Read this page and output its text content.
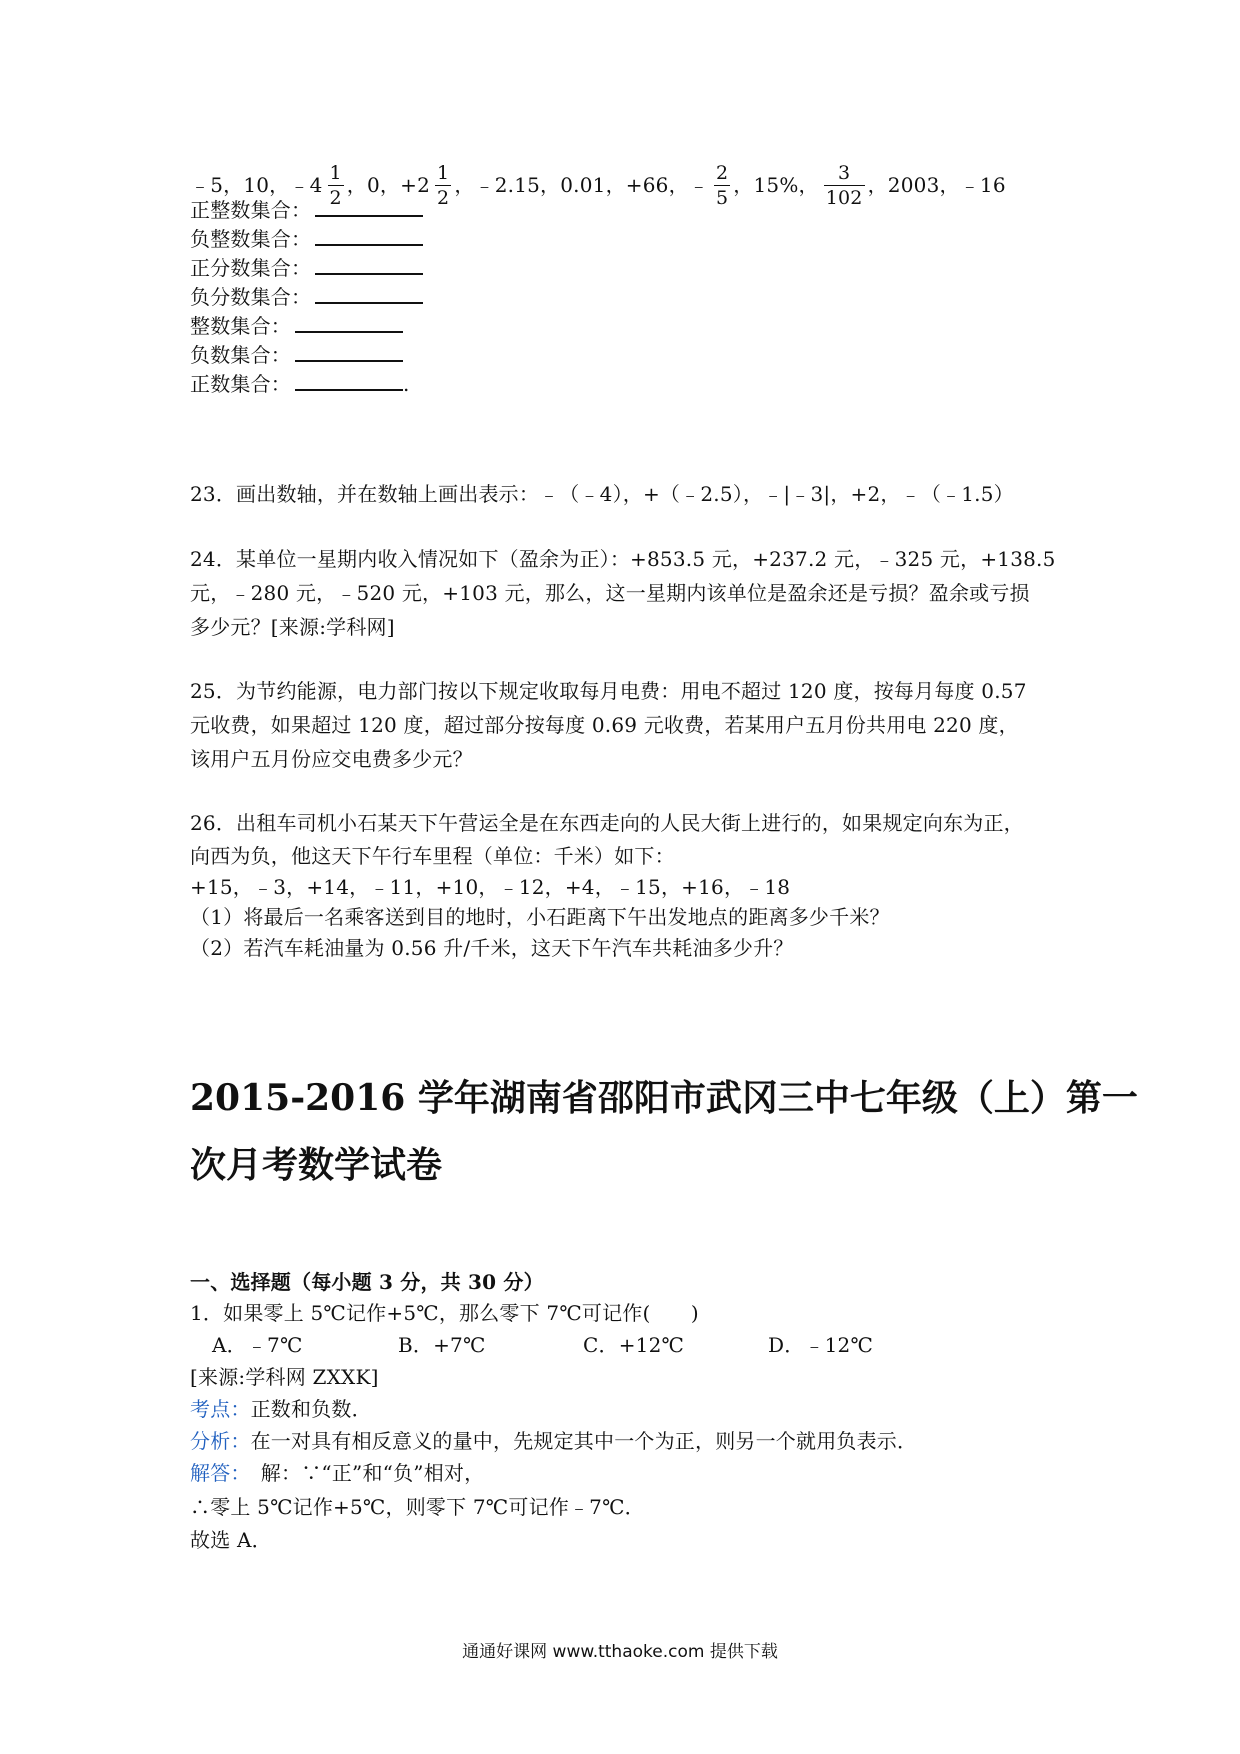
﹣5，10，﹣4 $\frac{1}{2}$ ，0，$+2 \frac{1}{2}$ ，﹣2.15，0.01，+66，﹣ $\frac{2}{5}$ ，15%， $\frac{3}{102}$ ，2003，﹣16
正整数集合：
负整数集合：
正分数集合：
负分数集合：
整数集合：
负数集合：
正数集合：	.
23．画出数轴，并在数轴上画出表示：﹣（﹣4），+（﹣2.5），﹣|﹣3|，+2，﹣（﹣1.5）
24．某单位一星期内收入情况如下（盈余为正）：+853.5 元，+237.2 元，﹣325 元，+138.5
元，﹣280 元，﹣520 元，+103 元，那么，这一星期内该单位是盈余还是亏损？盈余或亏损
多少元？[来源:学科网]
25．为节约能源，电力部门按以下规定收取每月电费：用电不超过 120 度，按每月每度 0.57
元收费，如果超过 120 度，超过部分按每度 0.69 元收费，若某用户五月份共用电 220 度，
该用户五月份应交电费多少元？
26．出租车司机小石某天下午营运全是在东西走向的人民大街上进行的，如果规定向东为正，
向西为负，他这天下午行车里程（单位：千米）如下：
+15，﹣3，+14，﹣11，+10，﹣12，+4，﹣15，+16，﹣18
（1）将最后一名乘客送到目的地时，小石距离下午出发地点的距离多少千米？
（2）若汽车耗油量为 0.56 升/千米，这天下午汽车共耗油多少升？
2015-2016 学年湖南省邵阳市武冈三中七年级（上）第一
次月考数学试卷
一、选择题（每小题 3 分，共 30 分）
1．如果零上 5℃记作+5℃，那么零下 7℃可记作(　　)
A．﹣7℃	B．+7℃	C．+12℃	D．﹣12℃
[来源:学科网 ZXXK]
考点：正数和负数．
分析：在一对具有相反意义的量中，先规定其中一个为正，则另一个就用负表示．
解答：　解：∵“正”和“负”相对，
∴零上 5℃记作+5℃，则零下 7℃可记作﹣7℃．
故选 A．
通通好课网 www.tthaoke.com 提供下载
